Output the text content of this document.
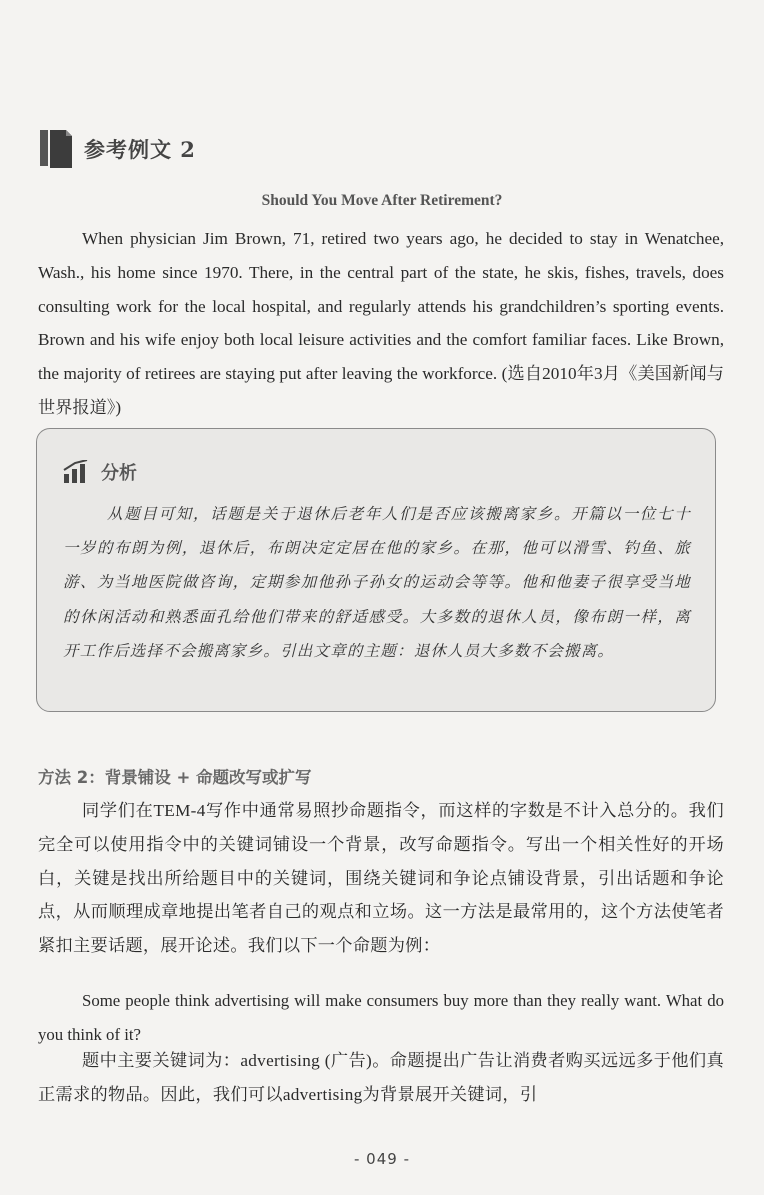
参考例文 2
Should You Move After Retirement?

When physician Jim Brown, 71, retired two years ago, he decided to stay in Wenatchee, Wash., his home since 1970. There, in the central part of the state, he skis, fishes, travels, does consulting work for the local hospital, and regularly attends his grandchildren’s sporting events. Brown and his wife enjoy both local leisure activities and the comfort familiar faces. Like Brown, the majority of retirees are staying put after leaving the workforce. (选自2010年3月《美国新闻与世界报道》)

分析

从题目可知，话题是关于退休后老年人们是否应该搬离家乡。开篇以一位七十一岁的布朗为例，退休后，布朗决定定居在他的家乡。在那，他可以滑雪、钓鱼、旅游、为当地医院做咨询，定期参加他孙子孙女的运动会等等。他和他妻子很享受当地的休闲活动和熟悉面孔给他们带来的舒适感受。大多数的退休人员，像布朗一样，离开工作后选择不会搬离家乡。引出文章的主题：退休人员大多数不会搬离。

方法 2：背景铺设 + 命题改写或扩写

同学们在TEM-4写作中通常易照抄命题指令，而这样的字数是不计入总分的。我们完全可以使用指令中的关键词铺设一个背景，改写命题指令。写出一个相关性好的开场白，关键是找出所给题目中的关键词，围绕关键词和争论点铺设背景，引出话题和争论点，从而顺理成章地提出笔者自己的观点和立场。这一方法是最常用的，这个方法使笔者紧扣主要话题，展开论述。我们以下一个命题为例：

Some people think advertising will make consumers buy more than they really want. What do you think of it?

题中主要关键词为：advertising (广告)。命题提出广告让消费者购买远远多于他们真正需求的物品。因此，我们可以advertising为背景展开关键词，引

- 049 -
